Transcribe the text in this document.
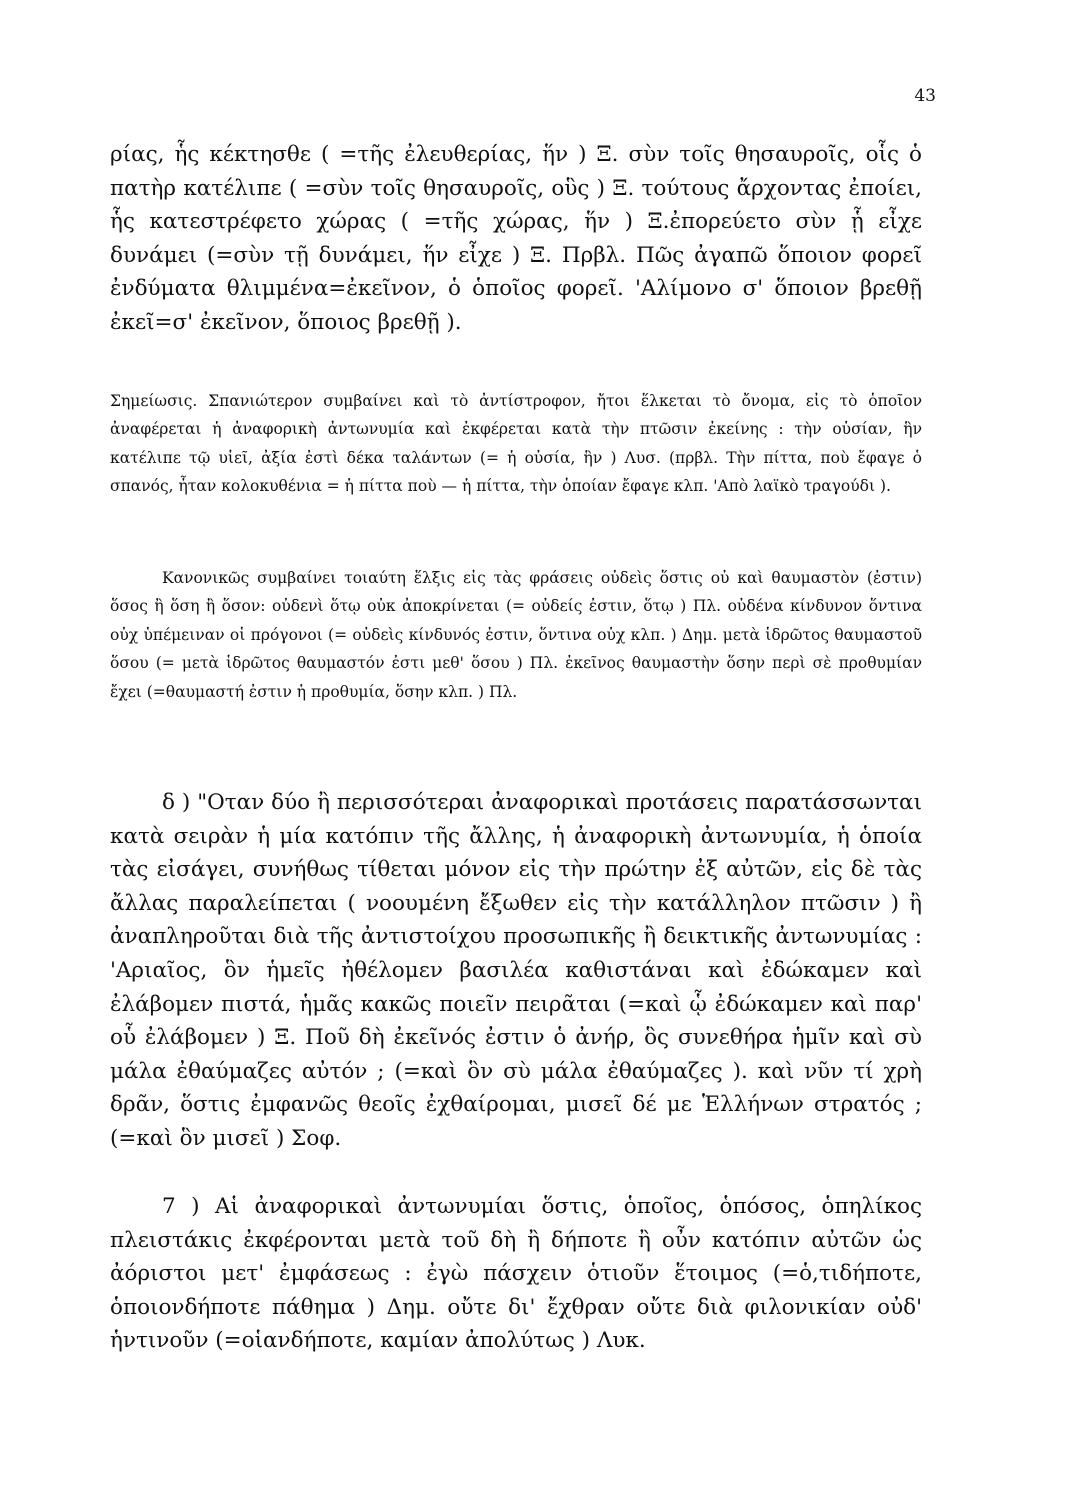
43

ρίας, ἧς κέκτησθε ( =τῆς ἐλευθερίας, ἥν ) Ξ. σὺν τοῖς θησαυροῖς, οἷς ὁ πατὴρ κατέλιπε ( =σὺν τοῖς θησαυροῖς, οὓς ) Ξ. τούτους ἄρχοντας ἐποίει, ἧς κατεστρέφετο χώρας ( =τῆς χώρας, ἥν ) Ξ.ἐπορεύετο σὺν ᾗ εἶχε δυνάμει (=σὺν τῇ δυνάμει, ἥν εἶχε ) Ξ. Πρβλ. Πῶς ἀγαπῶ ὅποιον φορεῖ ἐνδύματα θλιμμένα=ἐκεῖνον, ὁ ὁποῖος φορεῖ. 'Αλίμονο σ' ὅποιον βρεθῇ ἐκεῖ=σ' ἐκεῖνον, ὅποιος βρεθῇ ).

Σημείωσις. Σπανιώτερον συμβαίνει καὶ τὸ ἀντίστροφον, ἤτοι ἕλκεται τὸ ὄνομα, εἰς τὸ ὁποῖον ἀναφέρεται ἡ ἀναφορικὴ ἀντωνυμία καὶ ἐκφέρεται κατὰ τὴν πτῶσιν ἐκείνης : τὴν οὐσίαν, ἣν κατέλιπε τῷ υἱεῖ, ἀξία ἐστὶ δέκα ταλάντων (= ἡ οὐσία, ἣν ) Λυσ. (πρβλ. Τὴν πίττα, ποὺ ἔφαγε ὁ σπανός, ἦταν κολοκυθένια = ἡ πίττα ποὺ — ἡ πίττα, τὴν ὁποίαν ἔφαγε κλπ. 'Απὸ λαϊκὸ τραγούδι ).

Κανονικῶς συμβαίνει τοιαύτη ἕλξις εἰς τὰς φράσεις οὐδεὶς ὅστις οὐ καὶ θαυμαστὸν (ἐστιν) ὅσος ἢ ὅση ἢ ὅσον: οὐδενὶ ὅτῳ οὐκ ἀποκρίνεται (= οὐδείς ἐστιν, ὅτῳ ) Πλ. οὐδένα κίνδυνον ὅντινα οὐχ ὑπέμειναν οἱ πρόγονοι (= οὐδεὶς κίνδυνός ἐστιν, ὅντινα οὐχ κλπ. ) Δημ. μετὰ ἱδρῶτος θαυμαστοῦ ὅσου (= μετὰ ἱδρῶτος θαυμαστόν ἐστι μεθ' ὅσου ) Πλ. ἐκεῖνος θαυμαστὴν ὅσην περὶ σὲ προθυμίαν ἔχει (=θαυμαστή ἐστιν ἡ προθυμία, ὅσην κλπ. ) Πλ.

δ ) "Οταν δύο ἢ περισσότεραι ἀναφορικαὶ προτάσεις παρατάσσωνται κατὰ σειρὰν ἡ μία κατόπιν τῆς ἄλλης, ἡ ἀναφορικὴ ἀντωνυμία, ἡ ὁποία τὰς εἰσάγει, συνήθως τίθεται μόνον εἰς τὴν πρώτην ἐξ αὐτῶν, εἰς δὲ τὰς ἄλλας παραλείπεται ( νοουμένη ἔξωθεν εἰς τὴν κατάλληλον πτῶσιν ) ἢ ἀναπληροῦται διὰ τῆς ἀντιστοίχου προσωπικῆς ἢ δεικτικῆς ἀντωνυμίας : 'Αριαῖος, ὃν ἡμεῖς ἠθέλομεν βασιλέα καθιστάναι καὶ ἐδώκαμεν καὶ ἐλάβομεν πιστά, ἡμᾶς κακῶς ποιεῖν πειρᾶται (=καὶ ᾧ ἐδώκαμεν καὶ παρ' οὗ ἐλάβομεν ) Ξ. Ποῦ δὴ ἐκεῖνός ἐστιν ὁ ἀνήρ, ὃς συνεθήρα ἡμῖν καὶ σὺ μάλα ἐθαύμαζες αὐτόν ; (=καὶ ὃν σὺ μάλα ἐθαύμαζες ). καὶ νῦν τί χρὴ δρᾶν, ὅστις ἐμφανῶς θεοῖς ἐχθαίρομαι, μισεῖ δέ με Ἑλλήνων στρατός ; (=καὶ ὃν μισεῖ ) Σοφ.

7 ) Αἱ ἀναφορικαὶ ἀντωνυμίαι ὅστις, ὁποῖος, ὁπόσος, ὁπηλίκος πλειστάκις ἐκφέρονται μετὰ τοῦ δὴ ἢ δήποτε ἢ οὖν κατόπιν αὐτῶν ὡς ἀόριστοι μετ' ἐμφάσεως : ἐγὼ πάσχειν ὁτιοῦν ἕτοιμος (=ὁ,τιδήποτε, ὁποιονδήποτε πάθημα ) Δημ. οὔτε δι' ἔχθραν οὔτε διὰ φιλονικίαν οὐδ' ἡντινοῦν (=οἱανδήποτε, καμίαν ἀπολύτως ) Λυκ.
